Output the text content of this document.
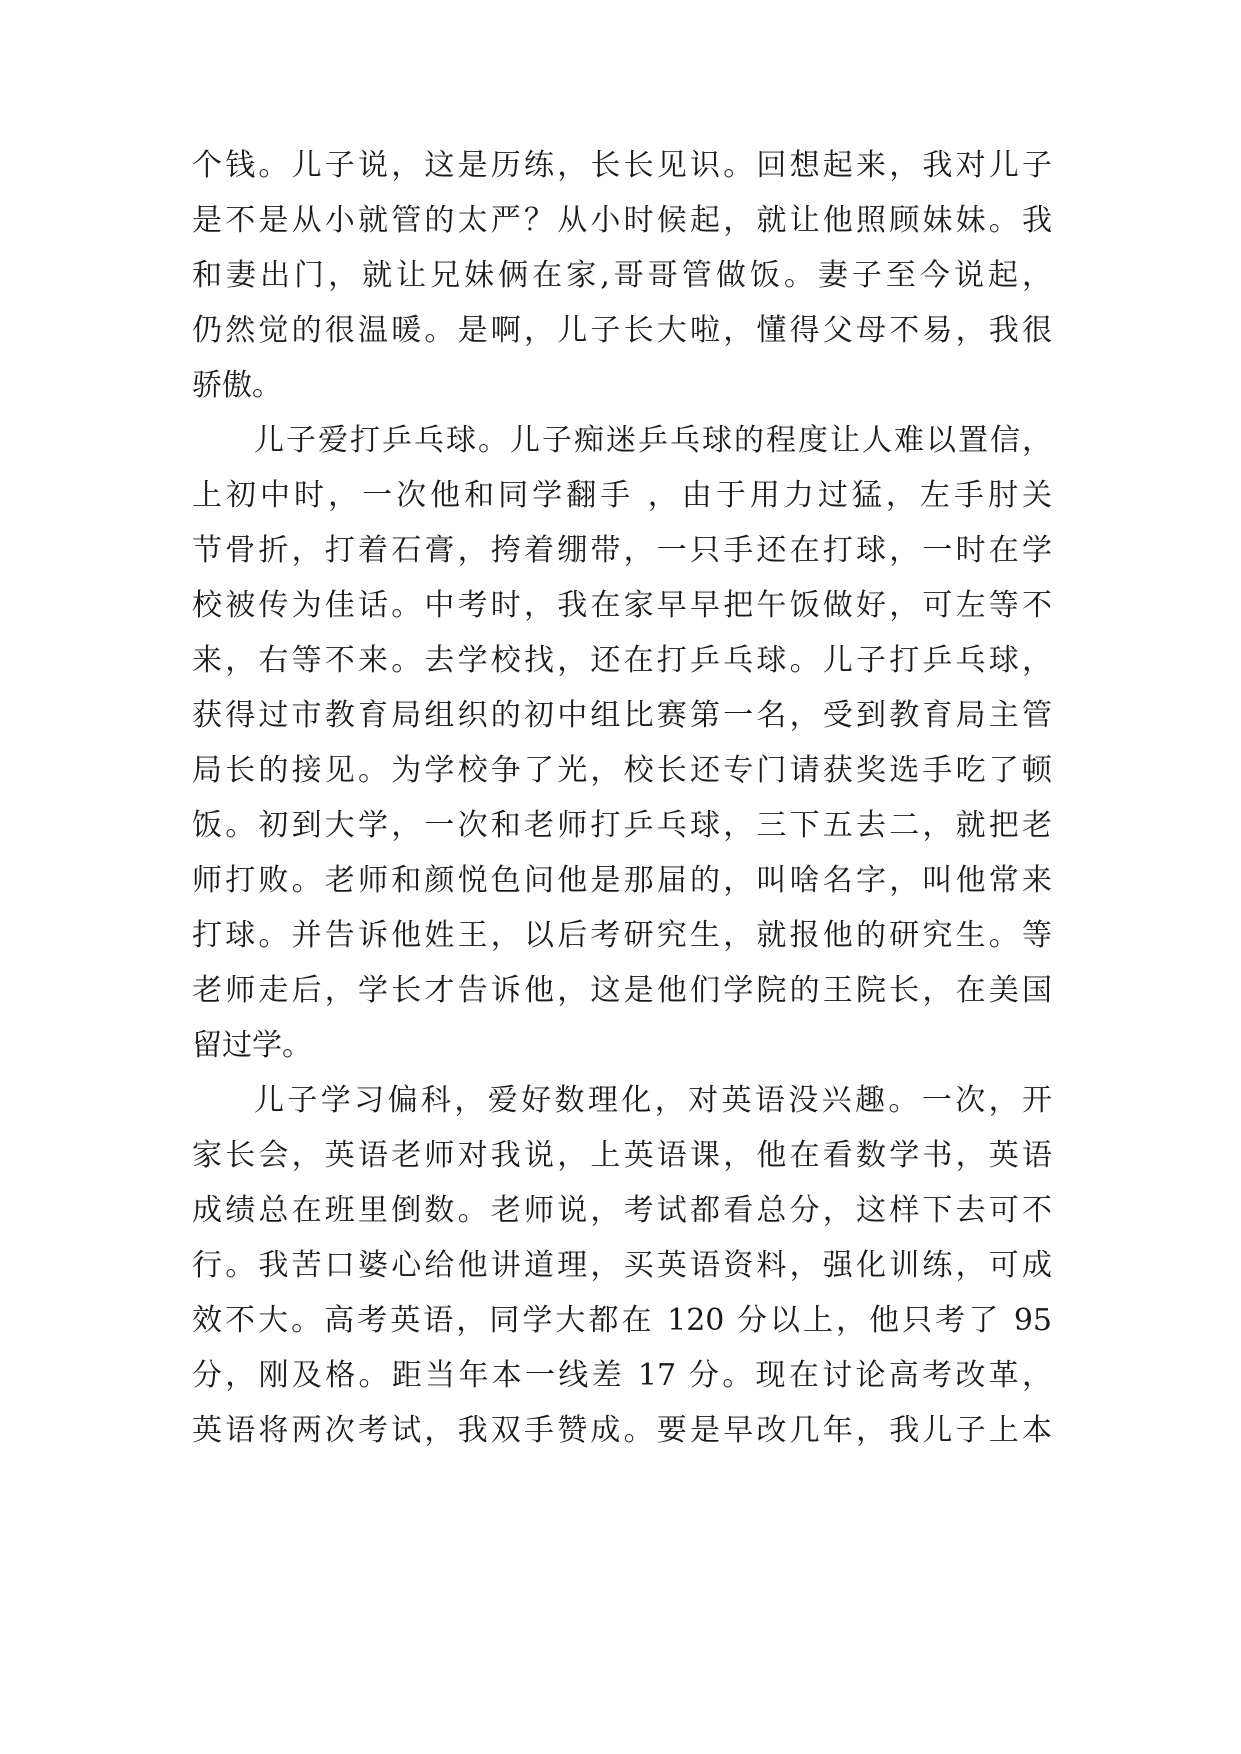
个钱。儿子说，这是历练，长长见识。回想起来，我对儿子
是不是从小就管的太严？从小时候起，就让他照顾妹妹。我
和妻出门，就让兄妹俩在家,哥哥管做饭。妻子至今说起，
仍然觉的很温暖。是啊，儿子长大啦，懂得父母不易，我很
骄傲。
儿子爱打乒乓球。儿子痴迷乒乓球的程度让人难以置信，
上初中时，一次他和同学翻手 ，由于用力过猛，左手肘关
节骨折，打着石膏，挎着绷带，一只手还在打球，一时在学
校被传为佳话。中考时，我在家早早把午饭做好，可左等不
来，右等不来。去学校找，还在打乒乓球。儿子打乒乓球，
获得过市教育局组织的初中组比赛第一名，受到教育局主管
局长的接见。为学校争了光，校长还专门请获奖选手吃了顿
饭。初到大学，一次和老师打乒乓球，三下五去二，就把老
师打败。老师和颜悦色问他是那届的，叫啥名字，叫他常来
打球。并告诉他姓王，以后考研究生，就报他的研究生。等
老师走后，学长才告诉他，这是他们学院的王院长，在美国
留过学。
儿子学习偏科，爱好数理化，对英语没兴趣。一次，开
家长会，英语老师对我说，上英语课，他在看数学书，英语
成绩总在班里倒数。老师说，考试都看总分，这样下去可不
行。我苦口婆心给他讲道理，买英语资料，强化训练，可成
效不大。高考英语，同学大都在 120 分以上，他只考了 95
分，刚及格。距当年本一线差 17 分。现在讨论高考改革，
英语将两次考试，我双手赞成。要是早改几年，我儿子上本
